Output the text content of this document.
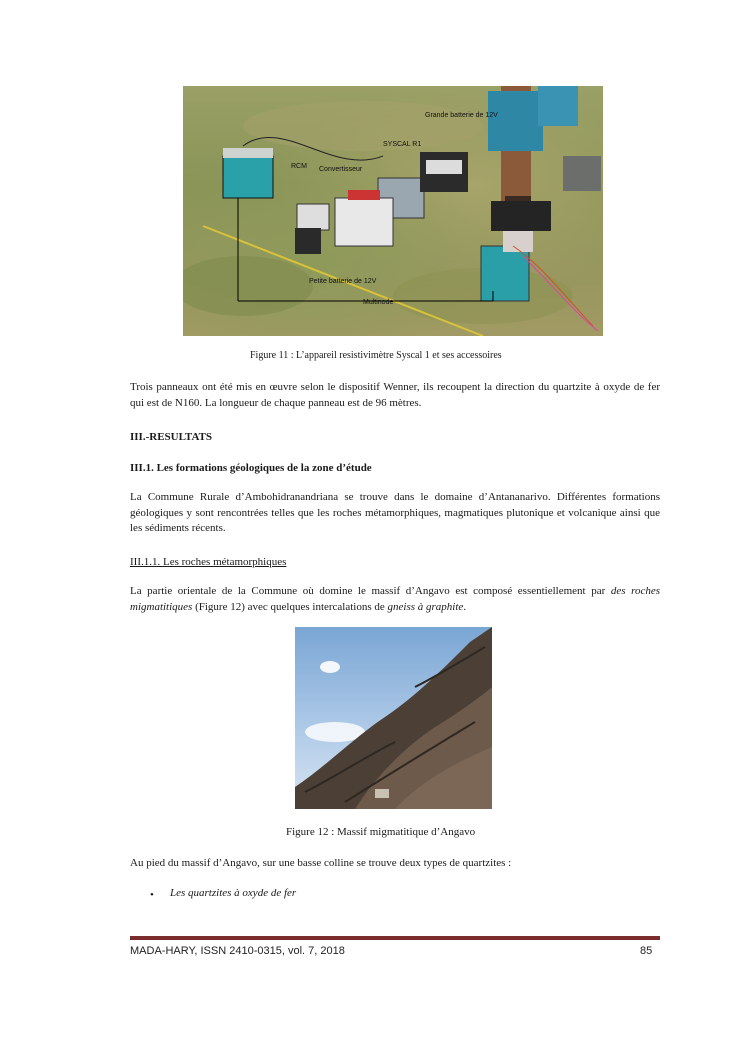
Grande batterie de 12V
SYSCAL R1
RCM Convertisseur
Petite batterie de 12V
Multinode
Figure 11 : L’appareil resistivimètre Syscal 1 et ses accessoires

Trois panneaux ont été mis en œuvre selon le dispositif Wenner, ils recoupent la direction du quartzite à oxyde de fer qui est de N160. La longueur de chaque panneau est de 96 mètres.

III.-RESULTATS

III.1. Les formations géologiques de la zone d’étude

La Commune Rurale d’Ambohidranandriana se trouve dans le domaine d’Antananarivo. Différentes formations géologiques y sont rencontrées telles que les roches métamorphiques, magmatiques plutonique et volcanique ainsi que les sédiments récents.

III.1.1. Les roches métamorphiques

La partie orientale de la Commune où domine le massif d’Angavo est composé essentiellement par des roches migmatitiques (Figure 12) avec quelques intercalations de gneiss à graphite.

Figure 12 : Massif migmatitique d’Angavo

Au pied du massif d’Angavo, sur une basse colline se trouve deux types de quartzites :

• Les quartzites à oxyde de fer
MADA-HARY, ISSN 2410-0315, vol. 7, 2018	85
